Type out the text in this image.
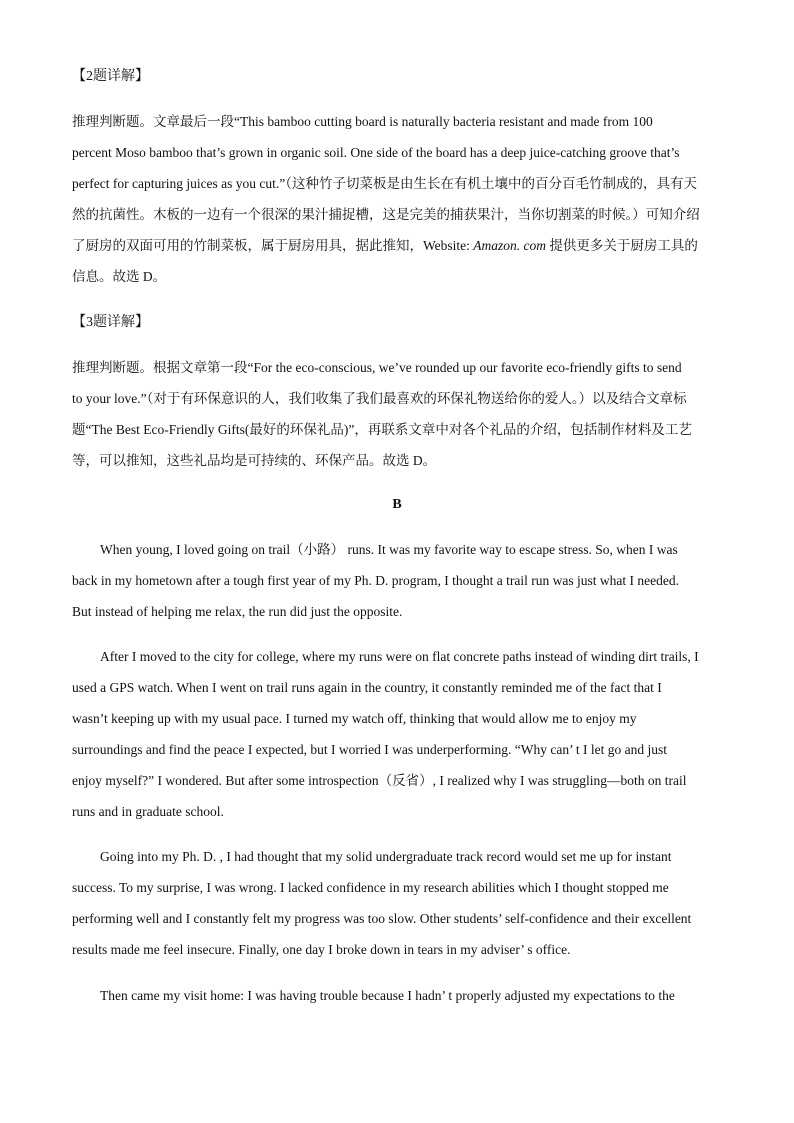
【2题详解】
推理判断题。文章最后一段“This bamboo cutting board is naturally bacteria resistant and made from 100
percent Moso bamboo that’s grown in organic soil. One side of the board has a deep juice-catching groove that’s
perfect for capturing juices as you cut.”（这种竹子切菜板是由生长在有机土壤中的百分百毛竹制成的，具有天
然的抗菌性。木板的一边有一个很深的果汁捕捉槽，这是完美的捕获果汁，当你切割菜的时候。）可知介绍
了厨房的双面可用的竹制菜板，属于厨房用具，据此推知，Website: Amazon. com 提供更多关于厨房工具的
信息。故选 D。
【3题详解】
推理判断题。根据文章第一段“For the eco-conscious, we’ve rounded up our favorite eco-friendly gifts to send
to your love.”（对于有环保意识的人，我们收集了我们最喜欢的环保礼物送给你的爱人。）以及结合文章标
题“The Best Eco-Friendly Gifts(最好的环保礼品)”，再联系文章中对各个礼品的介绍，包括制作材料及工艺
等，可以推知，这些礼品均是可持续的、环保产品。故选 D。
B
When young, I loved going on trail（小路） runs. It was my favorite way to escape stress. So, when I was
back in my hometown after a tough first year of my Ph. D. program, I thought a trail run was just what I needed.
But instead of helping me relax, the run did just the opposite.
After I moved to the city for college, where my runs were on flat concrete paths instead of winding dirt trails, I
used a GPS watch. When I went on trail runs again in the country, it constantly reminded me of the fact that I
wasn’t keeping up with my usual pace. I turned my watch off, thinking that would allow me to enjoy my
surroundings and find the peace I expected, but I worried I was underperforming. “Why can’ t I let go and just
enjoy myself?” I wondered. But after some introspection（反省）, I realized why I was struggling—both on trail
runs and in graduate school.
Going into my Ph. D. , I had thought that my solid undergraduate track record would set me up for instant
success. To my surprise, I was wrong. I lacked confidence in my research abilities which I thought stopped me
performing well and I constantly felt my progress was too slow. Other students’ self-confidence and their excellent
results made me feel insecure. Finally, one day I broke down in tears in my adviser’ s office.
Then came my visit home: I was having trouble because I hadn’ t properly adjusted my expectations to the
